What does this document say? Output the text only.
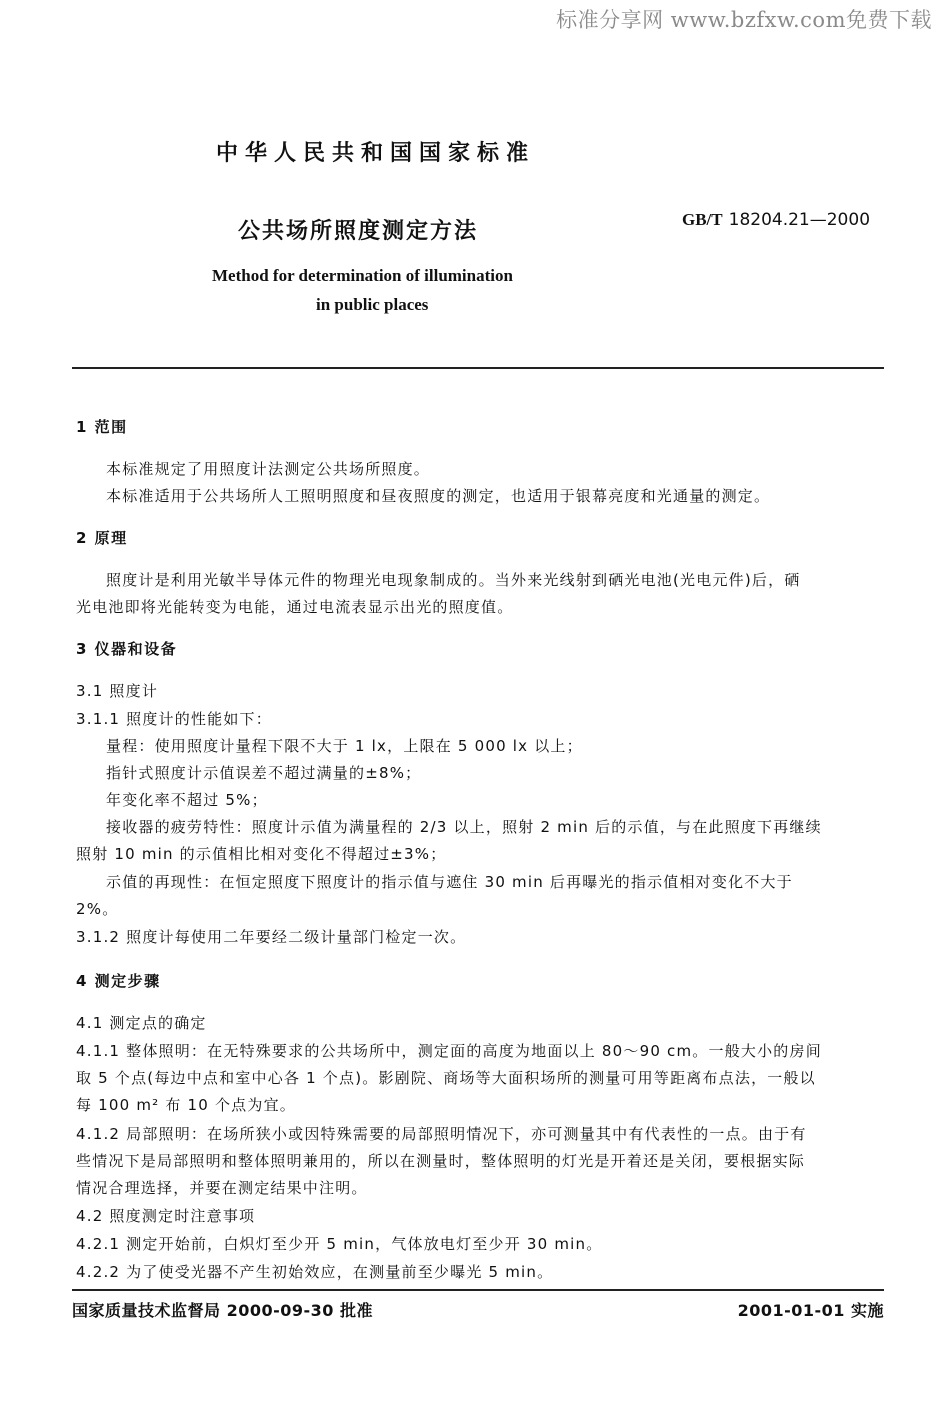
标准分享网 www.bzfxw.com免费下载
中华人民共和国国家标准
公共场所照度测定方法	GB/T 18204.21—2000
Method for determination of illumination
in public places
1 范围
本标准规定了用照度计法测定公共场所照度。
本标准适用于公共场所人工照明照度和昼夜照度的测定，也适用于银幕亮度和光通量的测定。
2 原理
照度计是利用光敏半导体元件的物理光电现象制成的。当外来光线射到硒光电池(光电元件)后，硒
光电池即将光能转变为电能，通过电流表显示出光的照度值。
3 仪器和设备
3.1 照度计
3.1.1 照度计的性能如下：
量程：使用照度计量程下限不大于 1 lx，上限在 5 000 lx 以上；
指针式照度计示值误差不超过满量的±8%；
年变化率不超过 5%；
接收器的疲劳特性：照度计示值为满量程的 2/3 以上，照射 2 min 后的示值，与在此照度下再继续
照射 10 min 的示值相比相对变化不得超过±3%；
示值的再现性：在恒定照度下照度计的指示值与遮住 30 min 后再曝光的指示值相对变化不大于
2%。
3.1.2 照度计每使用二年要经二级计量部门检定一次。
4 测定步骤
4.1 测定点的确定
4.1.1 整体照明：在无特殊要求的公共场所中，测定面的高度为地面以上 80～90 cm。一般大小的房间
取 5 个点(每边中点和室中心各 1 个点)。影剧院、商场等大面积场所的测量可用等距离布点法，一般以
每 100 m² 布 10 个点为宜。
4.1.2 局部照明：在场所狭小或因特殊需要的局部照明情况下，亦可测量其中有代表性的一点。由于有
些情况下是局部照明和整体照明兼用的，所以在测量时，整体照明的灯光是开着还是关闭，要根据实际
情况合理选择，并要在测定结果中注明。
4.2 照度测定时注意事项
4.2.1 测定开始前，白炽灯至少开 5 min，气体放电灯至少开 30 min。
4.2.2 为了使受光器不产生初始效应，在测量前至少曝光 5 min。
国家质量技术监督局 2000-09-30 批准	2001-01-01 实施
